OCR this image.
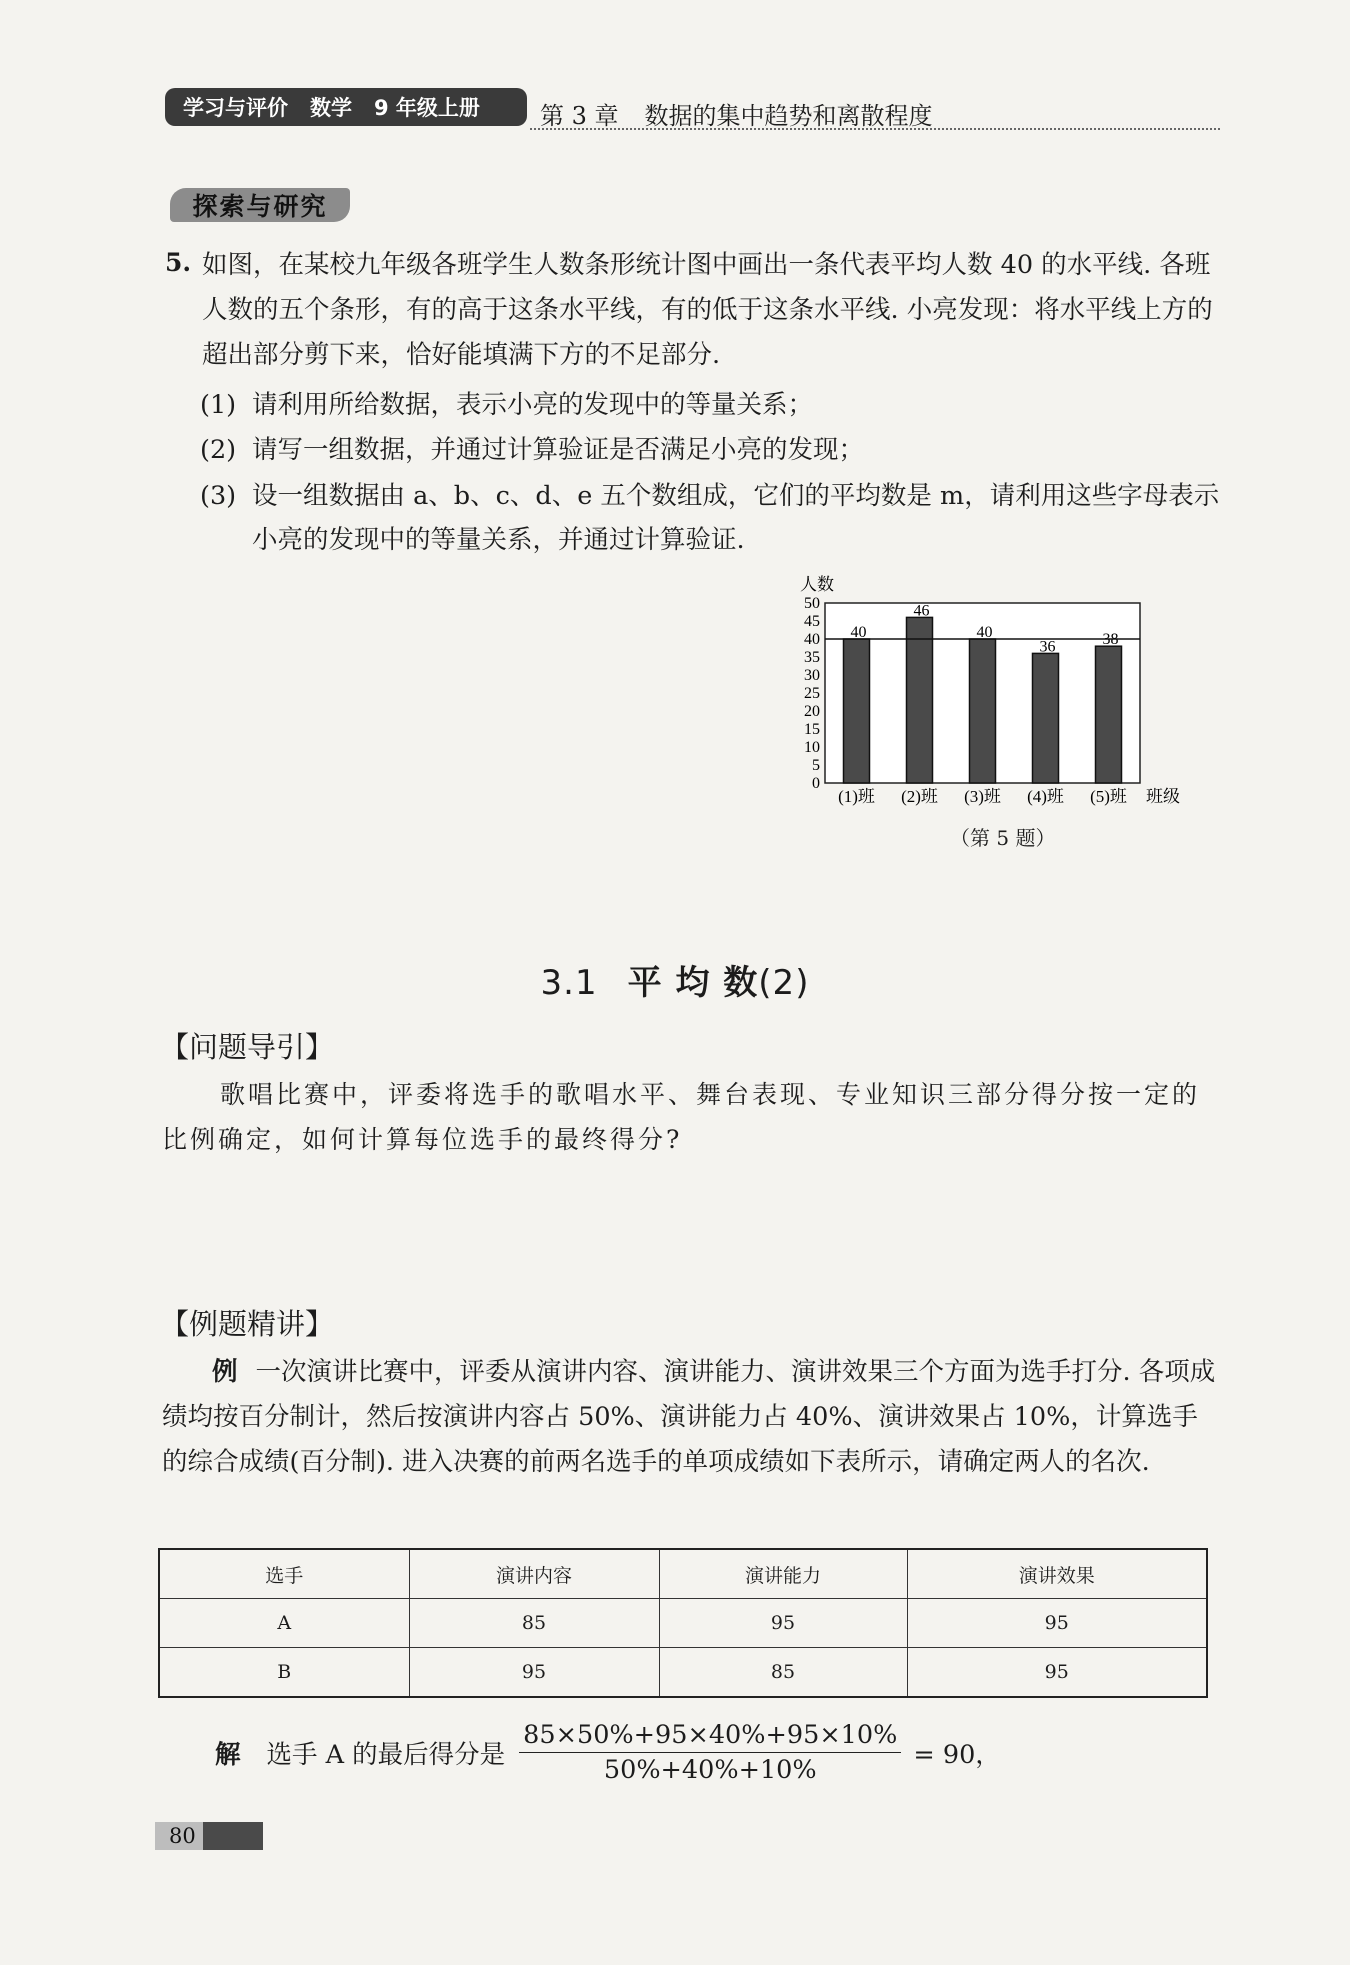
学习与评价 数学 9 年级上册	第 3 章 数据的集中趋势和离散程度
探索与研究
5. 如图，在某校九年级各班学生人数条形统计图中画出一条代表平均人数 40 的水平线. 各班人数的五个条形，有的高于这条水平线，有的低于这条水平线. 小亮发现：将水平线上方的超出部分剪下来，恰好能填满下方的不足部分.
(1) 请利用所给数据，表示小亮的发现中的等量关系；
(2) 请写一组数据，并通过计算验证是否满足小亮的发现；
(3) 设一组数据由 a、b、c、d、e 五个数组成，它们的平均数是 m，请利用这些字母表示
小亮的发现中的等量关系，并通过计算验证.
人数
0
5
10
15
20
25
30
35
40
45
50
40
(1)班
46
(2)班
40
(3)班
36
(4)班
38
(5)班 班级
（第 5 题）
3.1 平 均 数(2)
【问题导引】
歌唱比赛中，评委将选手的歌唱水平、舞台表现、专业知识三部分得分按一定的比例确定，如何计算每位选手的最终得分?
【例题精讲】
例 一次演讲比赛中，评委从演讲内容、演讲能力、演讲效果三个方面为选手打分. 各项成绩均按百分制计，然后按演讲内容占 50%、演讲能力占 40%、演讲效果占 10%，计算选手的综合成绩(百分制). 进入决赛的前两名选手的单项成绩如下表所示，请确定两人的名次.
选手	演讲内容	演讲能力	演讲效果
A	85	95	95
B	95	85	95
解 选手 A 的最后得分是 $\frac{85\times 50\%+95\times 40\%+95\times 10\%}{50\%+40\%+10\%} = 90$，
80
